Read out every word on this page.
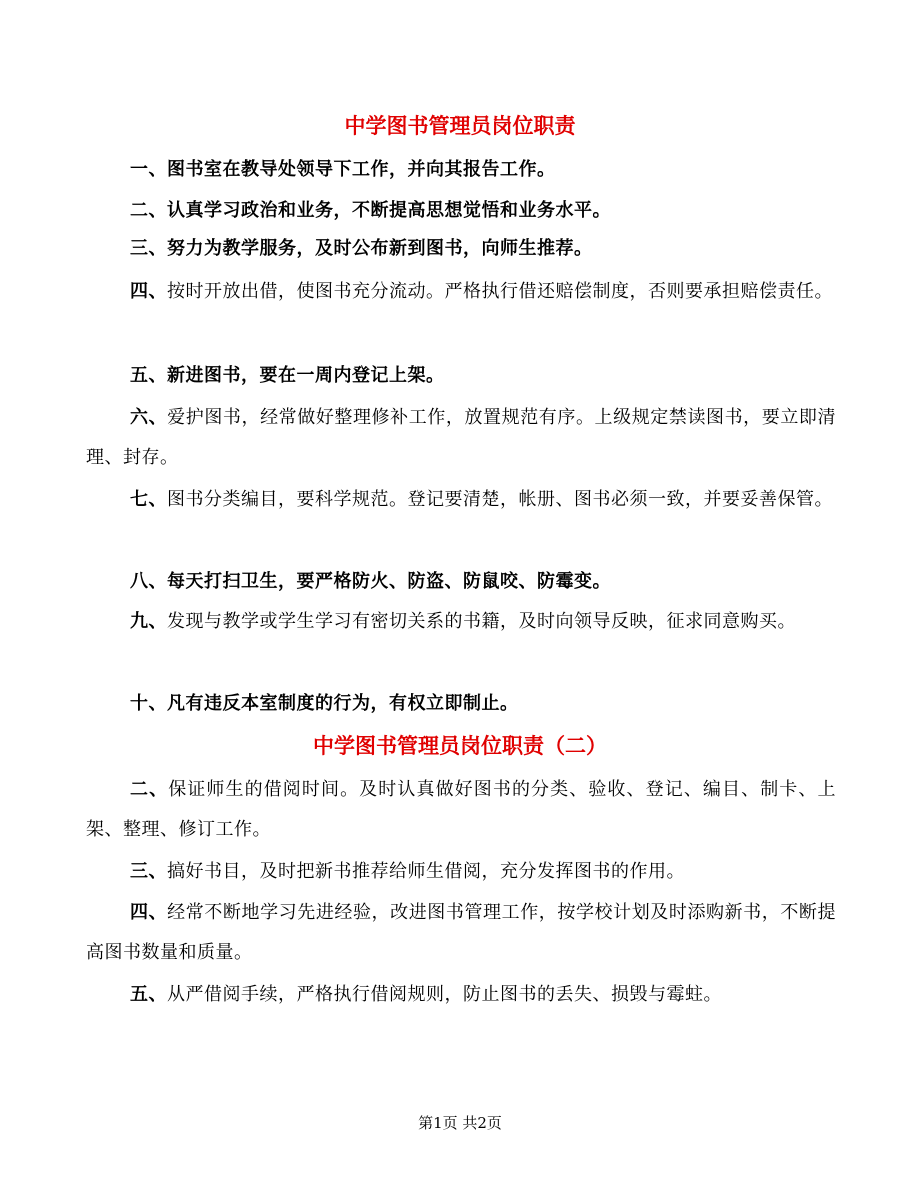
中学图书管理员岗位职责

一、图书室在教导处领导下工作，并向其报告工作。

二、认真学习政治和业务，不断提高思想觉悟和业务水平。

三、努力为教学服务，及时公布新到图书，向师生推荐。

四、按时开放出借，使图书充分流动。严格执行借还赔偿制度，否则要承担赔偿责任。

五、新进图书，要在一周内登记上架。

六、爱护图书，经常做好整理修补工作，放置规范有序。上级规定禁读图书，要立即清理、封存。

七、图书分类编目，要科学规范。登记要清楚，帐册、图书必须一致，并要妥善保管。

八、每天打扫卫生，要严格防火、防盗、防鼠咬、防霉变。

九、发现与教学或学生学习有密切关系的书籍，及时向领导反映，征求同意购买。

十、凡有违反本室制度的行为，有权立即制止。

中学图书管理员岗位职责（二）

二、保证师生的借阅时间。及时认真做好图书的分类、验收、登记、编目、制卡、上架、整理、修订工作。

三、搞好书目，及时把新书推荐给师生借阅，充分发挥图书的作用。

四、经常不断地学习先进经验，改进图书管理工作，按学校计划及时添购新书，不断提高图书数量和质量。

五、从严借阅手续，严格执行借阅规则，防止图书的丢失、损毁与霉蛀。

第1页 共2页
